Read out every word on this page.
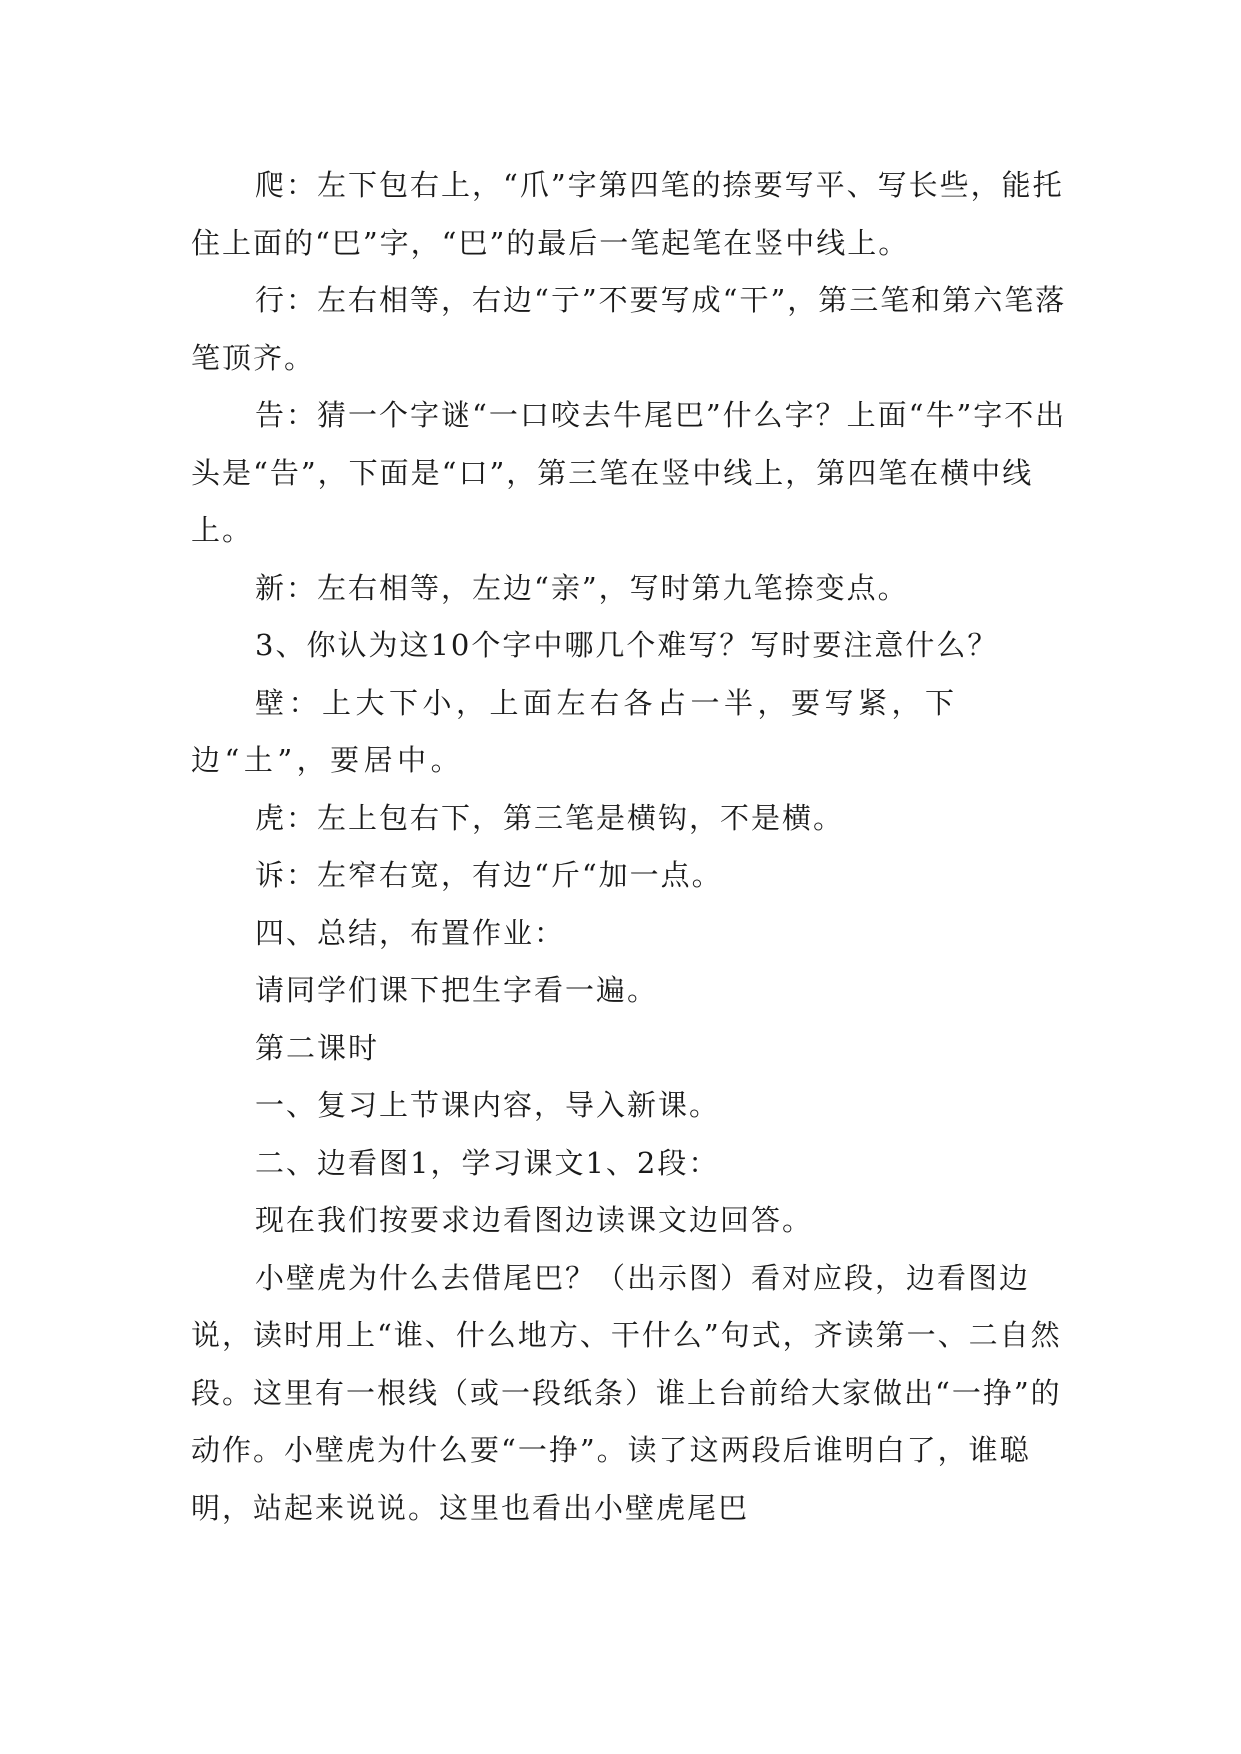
爬：左下包右上，“爪”字第四笔的捺要写平、写长些，能托住上面的“巴”字，“巴”的最后一笔起笔在竖中线上。

行：左右相等，右边“亍”不要写成“干”，第三笔和第六笔落笔顶齐。

告：猜一个字谜“一口咬去牛尾巴”什么字？上面“牛”字不出头是“告”，下面是“口”，第三笔在竖中线上，第四笔在横中线上。

新：左右相等，左边“亲”，写时第九笔捺变点。

3、你认为这10个字中哪几个难写？写时要注意什么？

壁：上大下小，上面左右各占一半，要写紧，下边“土”，要居中。

虎：左上包右下，第三笔是横钩，不是横。

诉：左窄右宽，有边“斤“加一点。

四、总结，布置作业：

请同学们课下把生字看一遍。

第二课时

一、复习上节课内容，导入新课。

二、边看图1，学习课文1、2段：

现在我们按要求边看图边读课文边回答。

小壁虎为什么去借尾巴？（出示图）看对应段，边看图边说，读时用上“谁、什么地方、干什么”句式，齐读第一、二自然段。这里有一根线（或一段纸条）谁上台前给大家做出“一挣”的动作。小壁虎为什么要“一挣”。读了这两段后谁明白了，谁聪明，站起来说说。这里也看出小壁虎尾巴
